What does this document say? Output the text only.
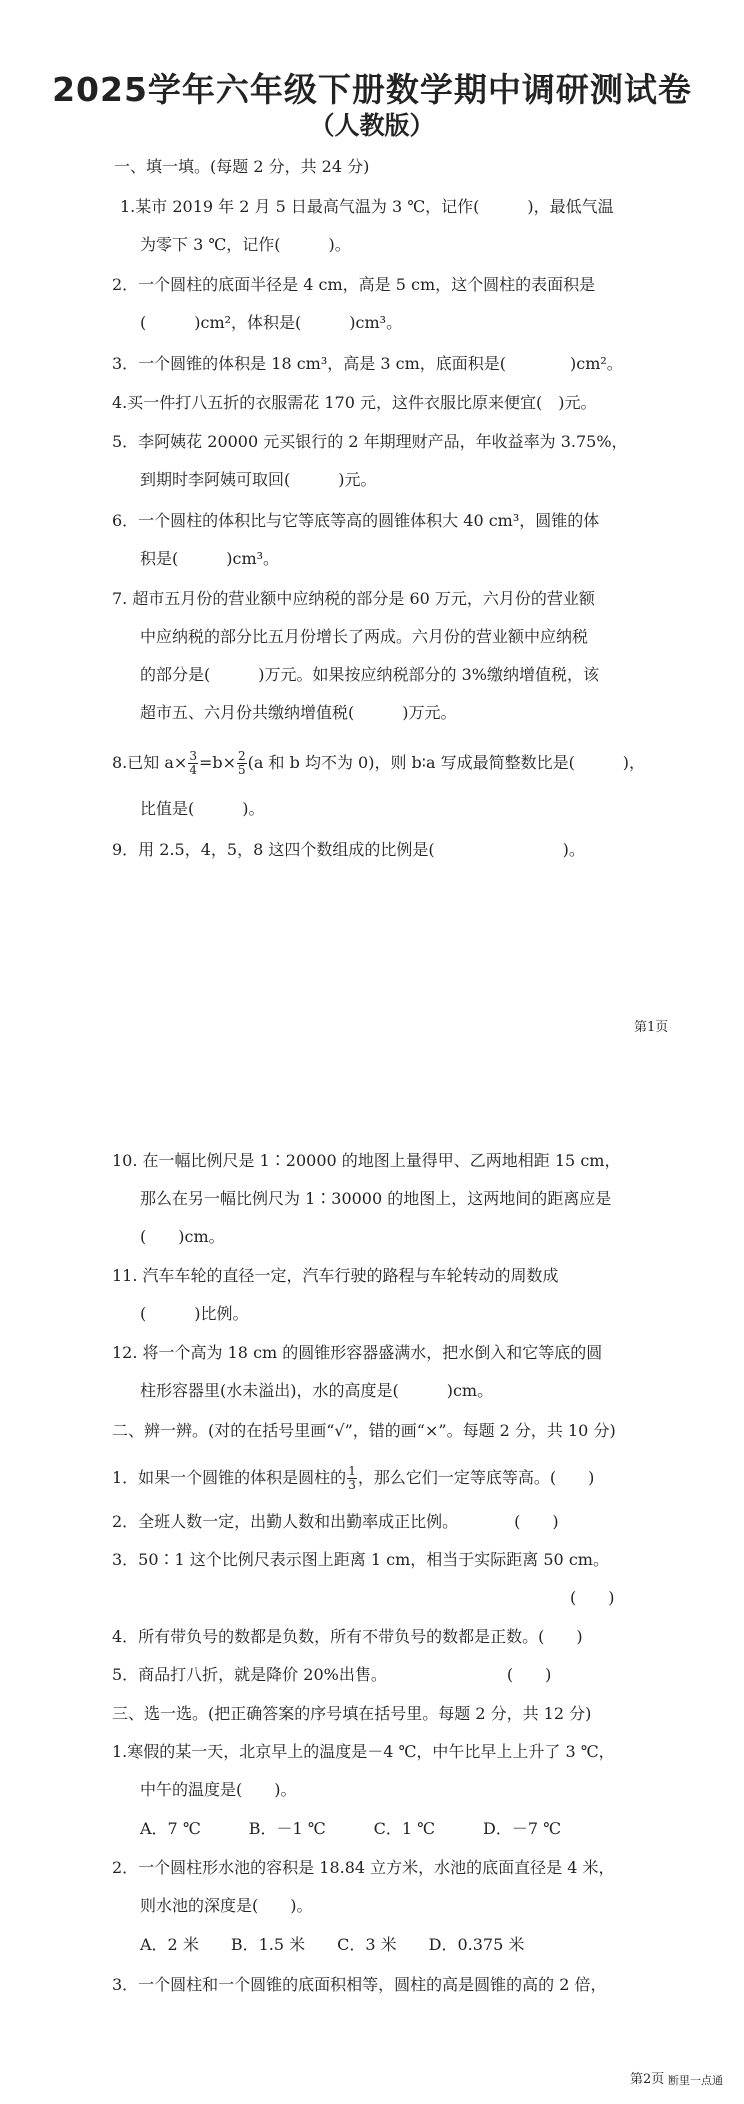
2025学年六年级下册数学期中调研测试卷
（人教版）
一、填一填。(每题 2 分，共 24 分)
1.某市 2019 年 2 月 5 日最高气温为 3 ℃，记作(　　　)，最低气温
为零下 3 ℃，记作(　　　)。
2．一个圆柱的底面半径是 4 cm，高是 5 cm，这个圆柱的表面积是
(　　　)cm²，体积是(　　　)cm³。
3．一个圆锥的体积是 18 cm³，高是 3 cm，底面积是(　　　　)cm²。
4.买一件打八五折的衣服需花 170 元，这件衣服比原来便宜(　)元。
5．李阿姨花 20000 元买银行的 2 年期理财产品，年收益率为 3.75%，
到期时李阿姨可取回(　　　)元。
6．一个圆柱的体积比与它等底等高的圆锥体积大 40 cm³，圆锥的体
积是(　　　)cm³。
7. 超市五月份的营业额中应纳税的部分是 60 万元，六月份的营业额
中应纳税的部分比五月份增长了两成。六月份的营业额中应纳税
的部分是(　　　)万元。如果按应纳税部分的 3%缴纳增值税，该
超市五、六月份共缴纳增值税(　　　)万元。
8.已知 $a\times \frac{3}{4} =b\times \frac{2}{5} (a$ 和 b 均不为 0)，则 b∶a 写成最简整数比是(　　　)，
比值是(　　　)。
9．用 2.5，4，5，8 这四个数组成的比例是(　　　　　　　　)。
第1页
10. 在一幅比例尺是 1∶20000 的地图上量得甲、乙两地相距 15 cm，
那么在另一幅比例尺为 1∶30000 的地图上，这两地间的距离应是
(　　)cm。
11. 汽车车轮的直径一定，汽车行驶的路程与车轮转动的周数成
(　　　)比例。
12. 将一个高为 18 cm 的圆锥形容器盛满水，把水倒入和它等底的圆
柱形容器里(水未溢出)，水的高度是(　　　)cm。
二、辨一辨。(对的在括号里画“√”，错的画“×”。每题 2 分，共 10 分)
1．如果一个圆锥的体积是圆柱的 $\frac{1}{3}$ ，那么它们一定等底等高。(　　)
2．全班人数一定，出勤人数和出勤率成正比例。　　　　(　　)
3．50∶1 这个比例尺表示图上距离 1 cm，相当于实际距离 50 cm。
(　　)
4．所有带负号的数都是负数，所有不带负号的数都是正数。(　　)
5．商品打八折，就是降价 20%出售。　　　　　　　　(　　)
三、选一选。(把正确答案的序号填在括号里。每题 2 分，共 12 分)
1.寒假的某一天，北京早上的温度是－4 ℃，中午比早上上升了 3 ℃，
中午的温度是(　　)。
A．7 ℃　　　B．－1 ℃　　　C．1 ℃　　　D．－7 ℃
2．一个圆柱形水池的容积是 18.84 立方米，水池的底面直径是 4 米，
则水池的深度是(　　)。
A．2 米　　B．1.5 米　　C．3 米　　D．0.375 米
3．一个圆柱和一个圆锥的底面积相等，圆柱的高是圆锥的高的 2 倍，
第2页 断里一点通
